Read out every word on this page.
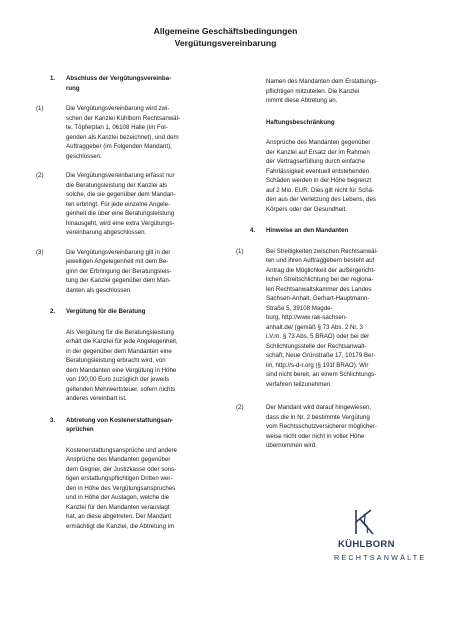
Allgemeine Geschäftsbedingungen
Vergütungsvereinbarung
1.	Abschluss der Vergütungsvereinba-
rung
(1)	Die Vergütungsvereinbarung wird zwi-
schen der Kanzlei Kühlborn Rechtsanwäl-
te, Töpferplan 1, 06108 Halle (im Fol-
genden als Kanzlei bezeichnet), und dem
Auftraggeber (im Folgenden Mandant),
geschlossen.
(2)	Die Vergütungsvereinbarung erfasst nur
die Beratungsleistung der Kanzlei als
solche, die sie gegenüber dem Mandan-
ten erbringt. Für jede einzelne Angele-
genheit die über eine Beratungsleistung
hinausgeht, wird eine extra Vergütungs-
vereinbarung abgeschlossen.
(3)	Die Vergütungsvereinbarung gilt in der
jeweiligen Angelegenheit mit dem Be-
ginn der Erbringung der Beratungsleis-
tung der Kanzlei gegenüber dem Man-
danten als geschlossen.
2.	Vergütung für die Beratung
Als Vergütung für die Beratungsleistung
erhält die Kanzlei für jede Angelegenheit,
in der gegenüber dem Mandanten eine
Beratungsleistung erbracht wird, von
dem Mandanten eine Vergütung in Höhe
von 190,00 Euro zuzüglich der jeweils
geltenden Mehrwertsteuer, sofern nichts
anderes vereinbart ist.
3.	Abtretung von Kostenerstattungsan-
sprüchen
Kostenerstattungsansprüche und andere
Ansprüche des Mandanten gegenüber
dem Gegner, der Justizkasse oder sons-
tigen erstattungspflichtigen Dritten wer-
den in Höhe des Vergütungsanspruches
und in Höhe der Auslagen, welche die
Kanzlei für den Mandanten verauslagt
hat, an diese abgetreten. Der Mandant
ermächtigt die Kanzlei, die Abtretung im
Namen des Mandanten dem Erstattungs-
pflichtigen mitzuteilen. Die Kanzlei
nimmt diese Abtretung an.
Haftungsbeschränkung
Ansprüche des Mandanten gegenüber
der Kanzlei auf Ersatz der im Rahmen
der Vertragserfüllung durch einfache
Fahrlässigkeit eventuell entstehenden
Schäden werden in der Höhe begrenzt
auf 2 Mio. EUR. Dies gilt nicht für Schä-
den aus der Verletzung des Lebens, des
Körpers oder der Gesundheit.
4.	Hinweise an den Mandanten
(1)	Bei Streitigkeiten zwischen Rechtsanwäl-
ten und ihren Auftraggebern besteht auf
Antrag die Möglichkeit der außergericht-
lichen Streitschlichtung bei der regiona-
len Rechtsanwaltskammer des Landes
Sachsen-Anhalt, Gerhart-Hauptmann-
Straße 5, 39108 Magde-
burg, http://www.rak-sachsen-
anhalt.de/ (gemäß § 73 Abs. 2 Nr. 3
i.V.m. § 73 Abs. 5 BRAO) oder bei der
Schlichtungsstelle der Rechtsanwalt-
schaft, Neue Grünstraße 17, 10179 Ber-
lin, http://s-d-r.org (§ 191f BRAO). Wir
sind nicht bereit, an einem Schlichtungs-
verfahren teilzunehmen.
(2)	Der Mandant wird darauf hingewiesen,
dass die in Nr. 2 bestimmte Vergütung
vom Rechtsschutzversicherer möglicher-
weise nicht oder nicht in voller Höhe
übernommen wird.
KÜHLBORN
RECHTSANWÄLTE
